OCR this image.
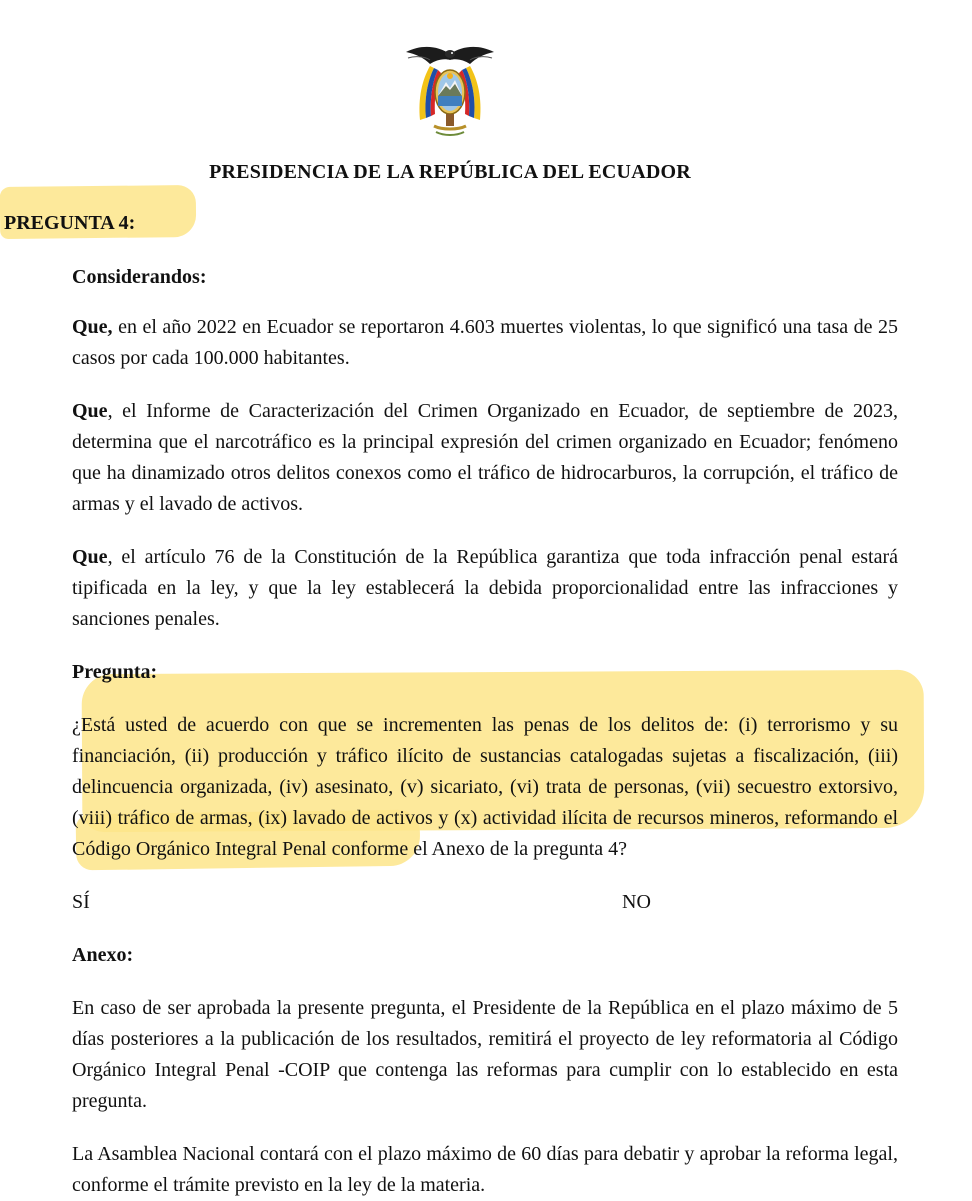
PRESIDENCIA DE LA REPÚBLICA DEL ECUADOR
PREGUNTA 4:

Considerandos:

Que, en el año 2022 en Ecuador se reportaron 4.603 muertes violentas, lo que significó una tasa de 25 casos por cada 100.000 habitantes.

Que, el Informe de Caracterización del Crimen Organizado en Ecuador, de septiembre de 2023, determina que el narcotráfico es la principal expresión del crimen organizado en Ecuador; fenómeno que ha dinamizado otros delitos conexos como el tráfico de hidrocarburos, la corrupción, el tráfico de armas y el lavado de activos.

Que, el artículo 76 de la Constitución de la República garantiza que toda infracción penal estará tipificada en la ley, y que la ley establecerá la debida proporcionalidad entre las infracciones y sanciones penales.

Pregunta:

¿Está usted de acuerdo con que se incrementen las penas de los delitos de: (i) terrorismo y su financiación, (ii) producción y tráfico ilícito de sustancias catalogadas sujetas a fiscalización, (iii) delincuencia organizada, (iv) asesinato, (v) sicariato, (vi) trata de personas, (vii) secuestro extorsivo, (viii) tráfico de armas, (ix) lavado de activos y (x) actividad ilícita de recursos mineros, reformando el Código Orgánico Integral Penal conforme el Anexo de la pregunta 4?

SÍ	NO

Anexo:

En caso de ser aprobada la presente pregunta, el Presidente de la República en el plazo máximo de 5 días posteriores a la publicación de los resultados, remitirá el proyecto de ley reformatoria al Código Orgánico Integral Penal -COIP que contenga las reformas para cumplir con lo establecido en esta pregunta.

La Asamblea Nacional contará con el plazo máximo de 60 días para debatir y aprobar la reforma legal, conforme el trámite previsto en la ley de la materia.
